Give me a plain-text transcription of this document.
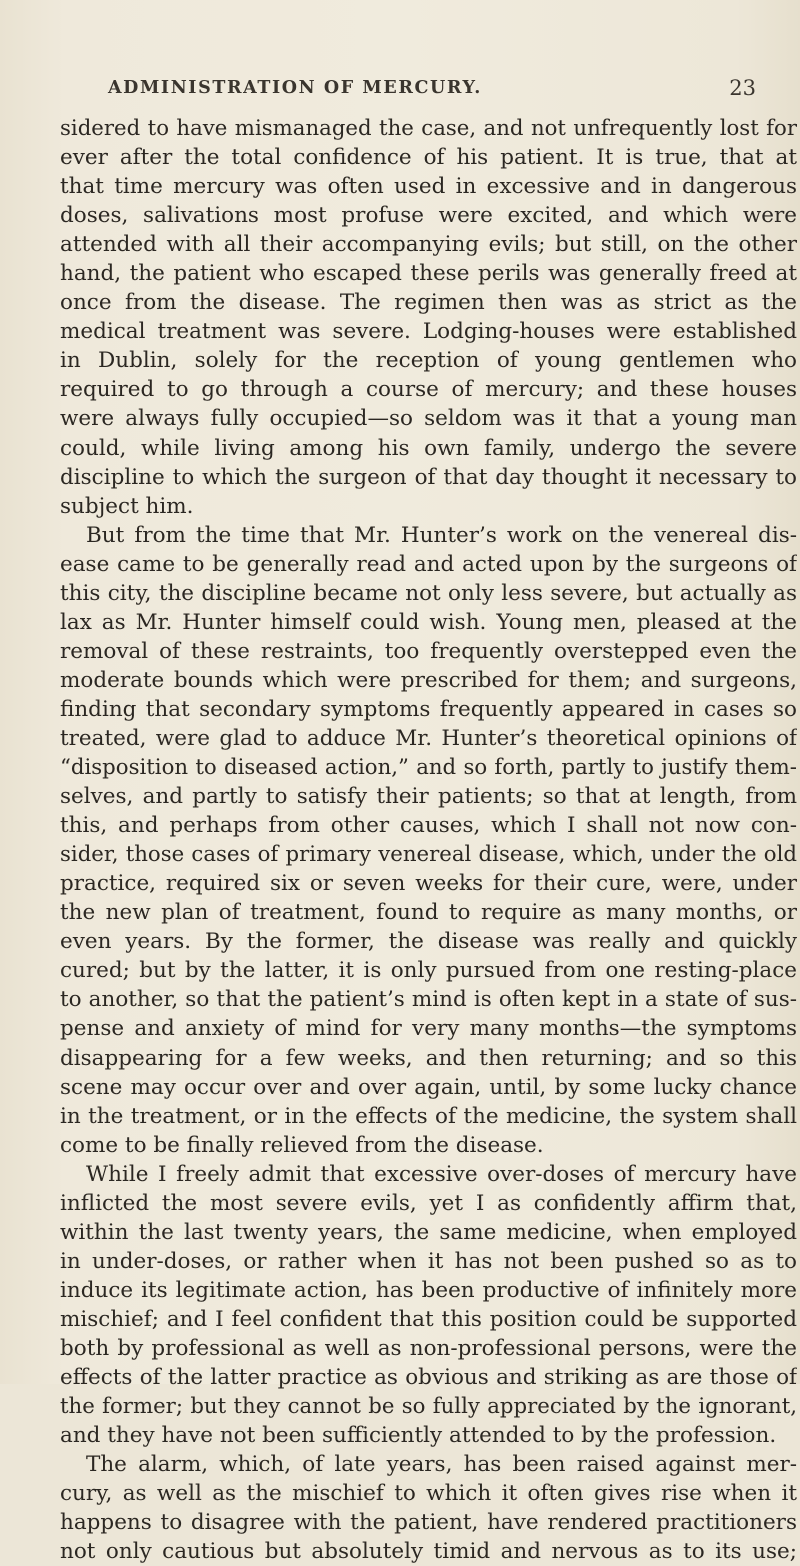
ADMINISTRATION OF MERCURY.	23
sidered to have mismanaged the case, and not unfrequently lost for
ever after the total confidence of his patient. It is true, that at
that time mercury was often used in excessive and in dangerous
doses, salivations most profuse were excited, and which were
attended with all their accompanying evils; but still, on the other
hand, the patient who escaped these perils was generally freed at
once from the disease. The regimen then was as strict as the
medical treatment was severe. Lodging-houses were established
in Dublin, solely for the reception of young gentlemen who
required to go through a course of mercury; and these houses
were always fully occupied—so seldom was it that a young man
could, while living among his own family, undergo the severe
discipline to which the surgeon of that day thought it necessary to
subject him.
But from the time that Mr. Hunter’s work on the venereal dis-
ease came to be generally read and acted upon by the surgeons of
this city, the discipline became not only less severe, but actually as
lax as Mr. Hunter himself could wish. Young men, pleased at the
removal of these restraints, too frequently overstepped even the
moderate bounds which were prescribed for them; and surgeons,
finding that secondary symptoms frequently appeared in cases so
treated, were glad to adduce Mr. Hunter’s theoretical opinions of
“disposition to diseased action,” and so forth, partly to justify them-
selves, and partly to satisfy their patients; so that at length, from
this, and perhaps from other causes, which I shall not now con-
sider, those cases of primary venereal disease, which, under the old
practice, required six or seven weeks for their cure, were, under
the new plan of treatment, found to require as many months, or
even years. By the former, the disease was really and quickly
cured; but by the latter, it is only pursued from one resting-place
to another, so that the patient’s mind is often kept in a state of sus-
pense and anxiety of mind for very many months—the symptoms
disappearing for a few weeks, and then returning; and so this
scene may occur over and over again, until, by some lucky chance
in the treatment, or in the effects of the medicine, the system shall
come to be finally relieved from the disease.
While I freely admit that excessive over-doses of mercury have
inflicted the most severe evils, yet I as confidently affirm that,
within the last twenty years, the same medicine, when employed
in under-doses, or rather when it has not been pushed so as to
induce its legitimate action, has been productive of infinitely more
mischief; and I feel confident that this position could be supported
both by professional as well as non-professional persons, were the
effects of the latter practice as obvious and striking as are those of
the former; but they cannot be so fully appreciated by the ignorant,
and they have not been sufficiently attended to by the profession.
The alarm, which, of late years, has been raised against mer-
cury, as well as the mischief to which it often gives rise when it
happens to disagree with the patient, have rendered practitioners
not only cautious but absolutely timid and nervous as to its use;
